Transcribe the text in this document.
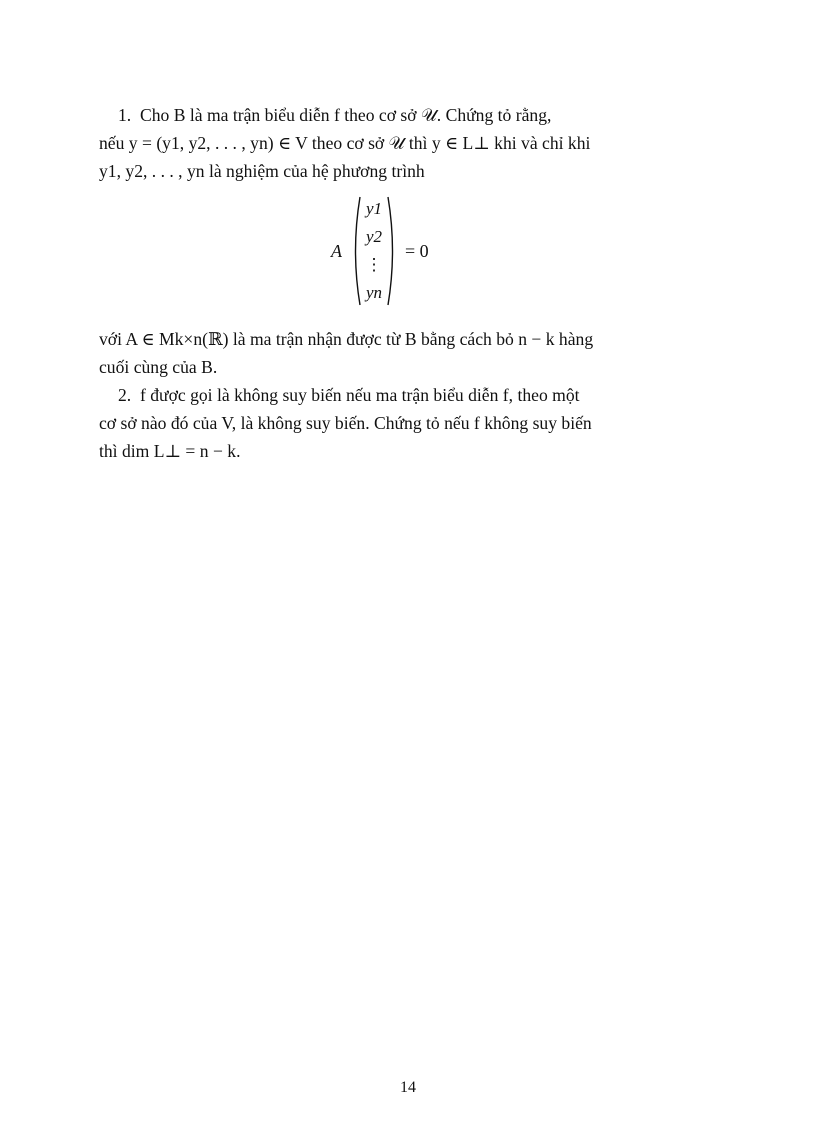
1. Cho B là ma trận biểu diễn f theo cơ sở 𝒰. Chứng tỏ rằng,
nếu y = (y1, y2, . . . , yn) ∈ V theo cơ sở 𝒰 thì y ∈ L⊥ khi và chỉ khi
y1, y2, . . . , yn là nghiệm của hệ phương trình
A
y1
y2
⋮
yn
= 0
với A ∈ Mk×n(ℝ) là ma trận nhận được từ B bằng cách bỏ n − k hàng
cuối cùng của B.
2. f được gọi là không suy biến nếu ma trận biểu diễn f, theo một
cơ sở nào đó của V, là không suy biến. Chứng tỏ nếu f không suy biến
thì dim L⊥ = n − k.
14
